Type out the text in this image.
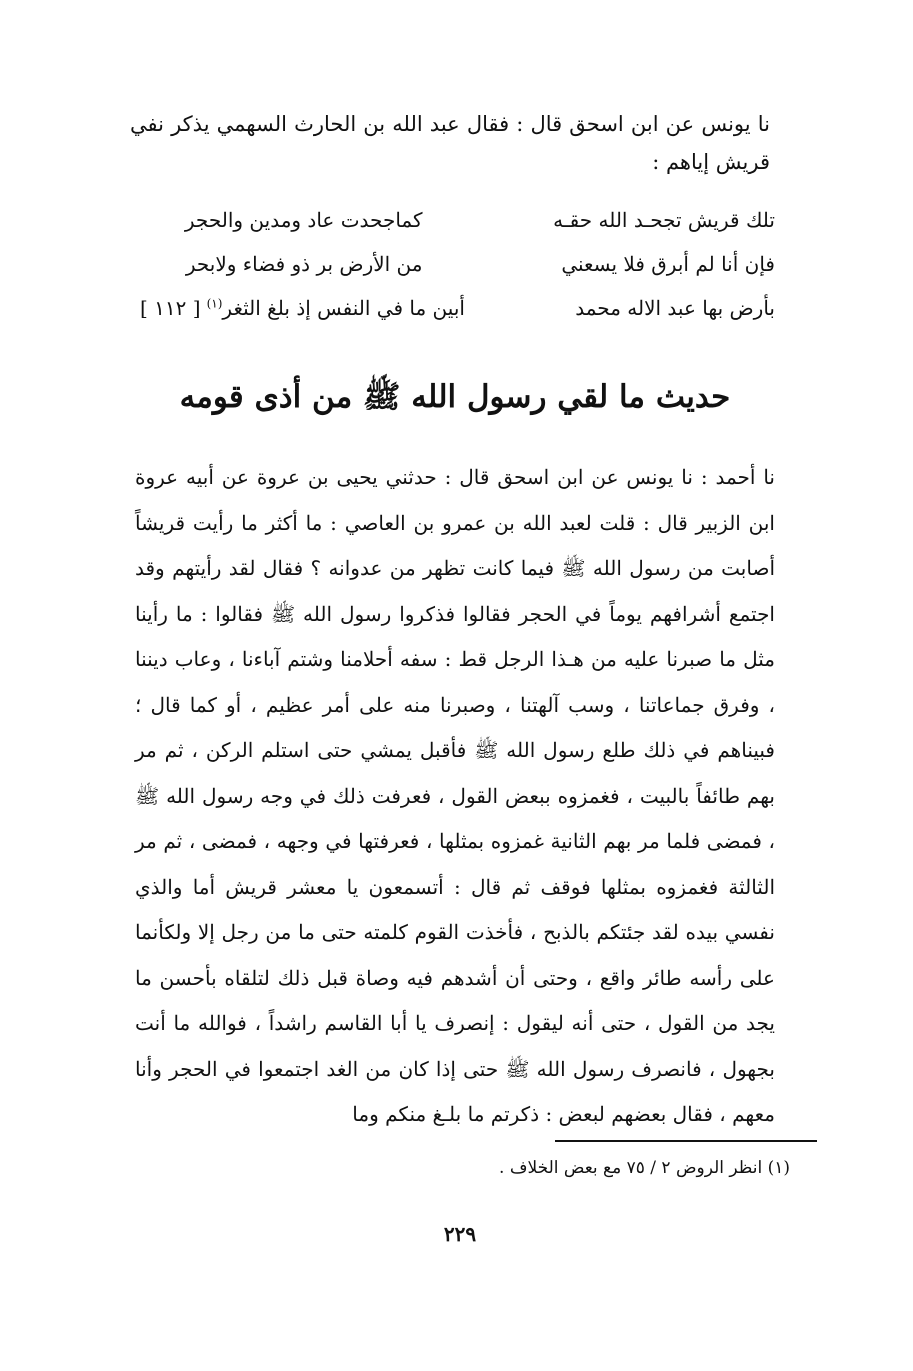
نا يونس عن ابن اسحق قال : فقال عبد الله بن الحارث السهمي يذكر نفي قريش إياهم :
تلك قريش تجحـد الله حقـه
كماجحدت عاد ومدين والحجر
فإن أنا لم أبرق فلا يسعني
من الأرض بر ذو فضاء ولابحر
بأرض بها عبد الاله محمد
أبين ما في النفس إذ بلغ الثغر$^{(١)}$[ ١١٢ ]
حديث ما لقي رسول الله ﷺ من أذى قومه

نا أحمد : نا يونس عن ابن اسحق قال : حدثني يحيى بن عروة عن أبيه عروة ابن الزبير قال : قلت لعبد الله بن عمرو بن العاصي : ما أكثر ما رأيت قريشاً أصابت من رسول الله ﷺ فيما كانت تظهر من عدوانه ؟ فقال لقد رأيتهم وقد اجتمع أشرافهم يوماً في الحجر فقالوا فذكروا رسول الله ﷺ فقالوا : ما رأينا مثل ما صبرنا عليه من هـذا الرجل قط : سفه أحلامنا وشتم آباءنا ، وعاب ديننا ، وفرق جماعاتنا ، وسب آلهتنا ، وصبرنا منه على أمر عظيم ، أو كما قال ؛ فبيناهم في ذلك طلع رسول الله ﷺ فأقبل يمشي حتى استلم الركن ، ثم مر بهم طائفاً بالبيت ، فغمزوه ببعض القول ، فعرفت ذلك في وجه رسول الله ﷺ ، فمضى فلما مر بهم الثانية غمزوه بمثلها ، فعرفتها في وجهه ، فمضى ، ثم مر الثالثة فغمزوه بمثلها فوقف ثم قال : أتسمعون يا معشر قريش أما والذي نفسي بيده لقد جئتكم بالذبح ، فأخذت القوم كلمته حتى ما من رجل إلا ولكأنما على رأسه طائر واقع ، وحتى أن أشدهم فيه وصاة قبل ذلك لتلقاه بأحسن ما يجد من القول ، حتى أنه ليقول : إنصرف يا أبا القاسم راشداً ، فوالله ما أنت بجهول ، فانصرف رسول الله ﷺ حتى إذا كان من الغد اجتمعوا في الحجر وأنا معهم ، فقال بعضهم لبعض : ذكرتم ما بلـغ منكم وما

(١) انظر الروض ٢ / ٧٥ مع بعض الخلاف .
٢٢٩
